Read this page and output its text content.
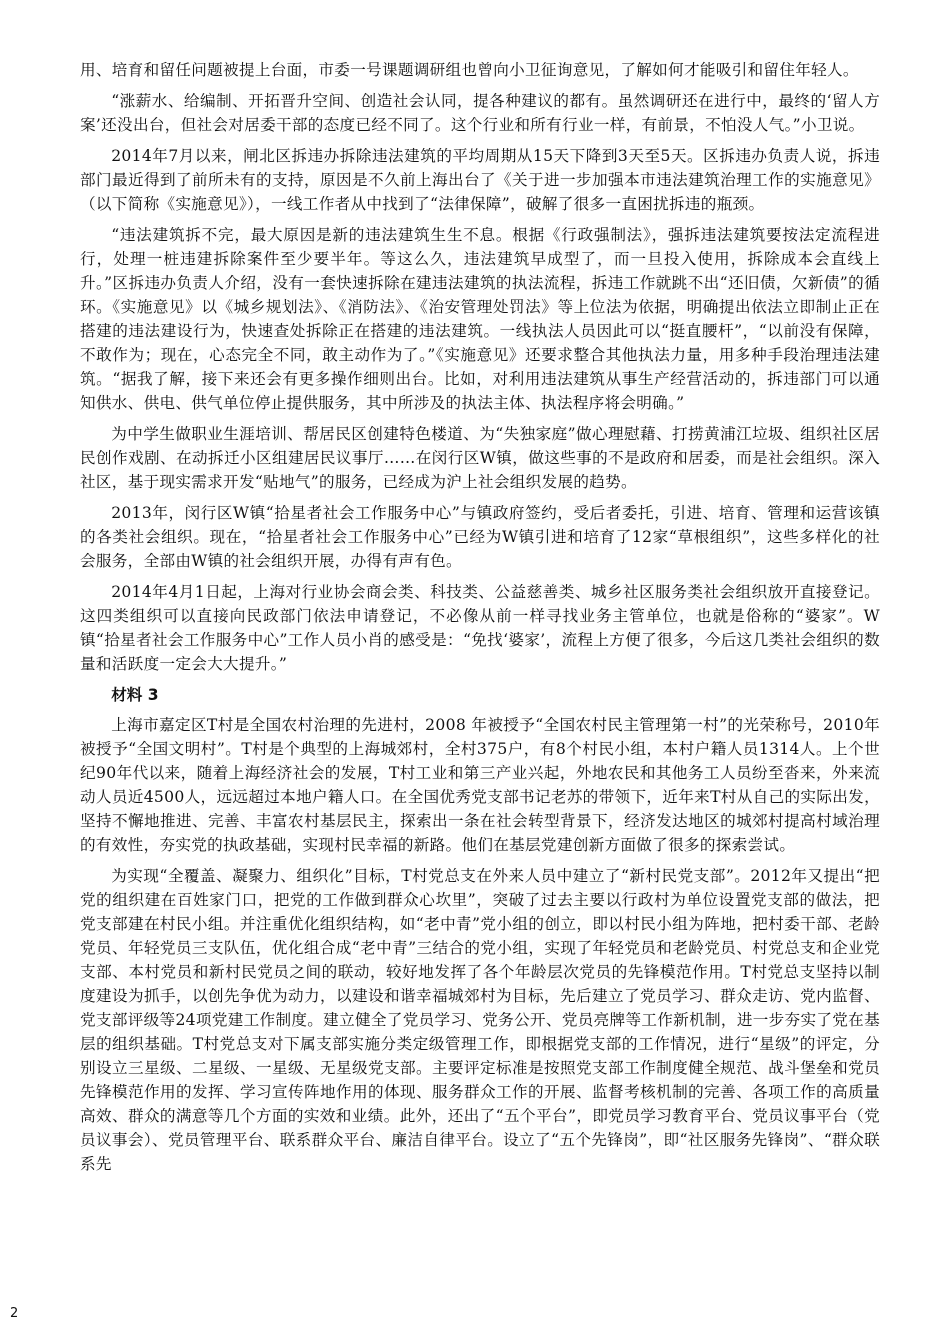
用、培育和留任问题被提上台面，市委一号课题调研组也曾向小卫征询意见，了解如何才能吸引和留住年轻人。

“涨薪水、给编制、开拓晋升空间、创造社会认同，提各种建议的都有。虽然调研还在进行中，最终的‘留人方案’还没出台，但社会对居委干部的态度已经不同了。这个行业和所有行业一样，有前景，不怕没人气。”小卫说。

2014年7月以来，闸北区拆违办拆除违法建筑的平均周期从15天下降到3天至5天。区拆违办负责人说，拆违部门最近得到了前所未有的支持，原因是不久前上海出台了《关于进一步加强本市违法建筑治理工作的实施意见》（以下简称《实施意见》），一线工作者从中找到了“法律保障”，破解了很多一直困扰拆违的瓶颈。

“违法建筑拆不完，最大原因是新的违法建筑生生不息。根据《行政强制法》，强拆违法建筑要按法定流程进行，处理一桩违建拆除案件至少要半年。等这么久，违法建筑早成型了，而一旦投入使用，拆除成本会直线上升。”区拆违办负责人介绍，没有一套快速拆除在建违法建筑的执法流程，拆违工作就跳不出“还旧债，欠新债”的循环。《实施意见》以《城乡规划法》、《消防法》、《治安管理处罚法》等上位法为依据，明确提出依法立即制止正在搭建的违法建设行为，快速查处拆除正在搭建的违法建筑。一线执法人员因此可以“挺直腰杆”，“以前没有保障，不敢作为；现在，心态完全不同，敢主动作为了。”《实施意见》还要求整合其他执法力量，用多种手段治理违法建筑。“据我了解，接下来还会有更多操作细则出台。比如，对利用违法建筑从事生产经营活动的，拆违部门可以通知供水、供电、供气单位停止提供服务，其中所涉及的执法主体、执法程序将会明确。”

为中学生做职业生涯培训、帮居民区创建特色楼道、为“失独家庭”做心理慰藉、打捞黄浦江垃圾、组织社区居民创作戏剧、在动拆迁小区组建居民议事厅……在闵行区W镇，做这些事的不是政府和居委，而是社会组织。深入社区，基于现实需求开发“贴地气”的服务，已经成为沪上社会组织发展的趋势。

2013年，闵行区W镇“拾星者社会工作服务中心”与镇政府签约，受后者委托，引进、培育、管理和运营该镇的各类社会组织。现在，“拾星者社会工作服务中心”已经为W镇引进和培育了12家“草根组织”，这些多样化的社会服务，全部由W镇的社会组织开展，办得有声有色。

2014年4月1日起，上海对行业协会商会类、科技类、公益慈善类、城乡社区服务类社会组织放开直接登记。这四类组织可以直接向民政部门依法申请登记，不必像从前一样寻找业务主管单位，也就是俗称的“婆家”。W镇“拾星者社会工作服务中心”工作人员小肖的感受是：“免找‘婆家’，流程上方便了很多，今后这几类社会组织的数量和活跃度一定会大大提升。”

材料 3

上海市嘉定区T村是全国农村治理的先进村，2008 年被授予“全国农村民主管理第一村”的光荣称号，2010年被授予“全国文明村”。T村是个典型的上海城郊村，全村375户，有8个村民小组，本村户籍人员1314人。上个世纪90年代以来，随着上海经济社会的发展，T村工业和第三产业兴起，外地农民和其他务工人员纷至沓来，外来流动人员近4500人，远远超过本地户籍人口。在全国优秀党支部书记老苏的带领下，近年来T村从自己的实际出发，坚持不懈地推进、完善、丰富农村基层民主，探索出一条在社会转型背景下，经济发达地区的城郊村提高村域治理的有效性，夯实党的执政基础，实现村民幸福的新路。他们在基层党建创新方面做了很多的探索尝试。

为实现“全覆盖、凝聚力、组织化”目标，T村党总支在外来人员中建立了“新村民党支部”。2012年又提出“把党的组织建在百姓家门口，把党的工作做到群众心坎里”，突破了过去主要以行政村为单位设置党支部的做法，把党支部建在村民小组。并注重优化组织结构，如“老中青”党小组的创立，即以村民小组为阵地，把村委干部、老龄党员、年轻党员三支队伍，优化组合成“老中青”三结合的党小组，实现了年轻党员和老龄党员、村党总支和企业党支部、本村党员和新村民党员之间的联动，较好地发挥了各个年龄层次党员的先锋模范作用。T村党总支坚持以制度建设为抓手，以创先争优为动力，以建设和谐幸福城郊村为目标，先后建立了党员学习、群众走访、党内监督、党支部评级等24项党建工作制度。建立健全了党员学习、党务公开、党员亮牌等工作新机制，进一步夯实了党在基层的组织基础。T村党总支对下属支部实施分类定级管理工作，即根据党支部的工作情况，进行“星级”的评定，分别设立三星级、二星级、一星级、无星级党支部。主要评定标准是按照党支部工作制度健全规范、战斗堡垒和党员先锋模范作用的发挥、学习宣传阵地作用的体现、服务群众工作的开展、监督考核机制的完善、各项工作的高质量高效、群众的满意等几个方面的实效和业绩。此外，还出了“五个平台”，即党员学习教育平台、党员议事平台（党员议事会）、党员管理平台、联系群众平台、廉洁自律平台。设立了“五个先锋岗”，即“社区服务先锋岗”、“群众联系先

2
